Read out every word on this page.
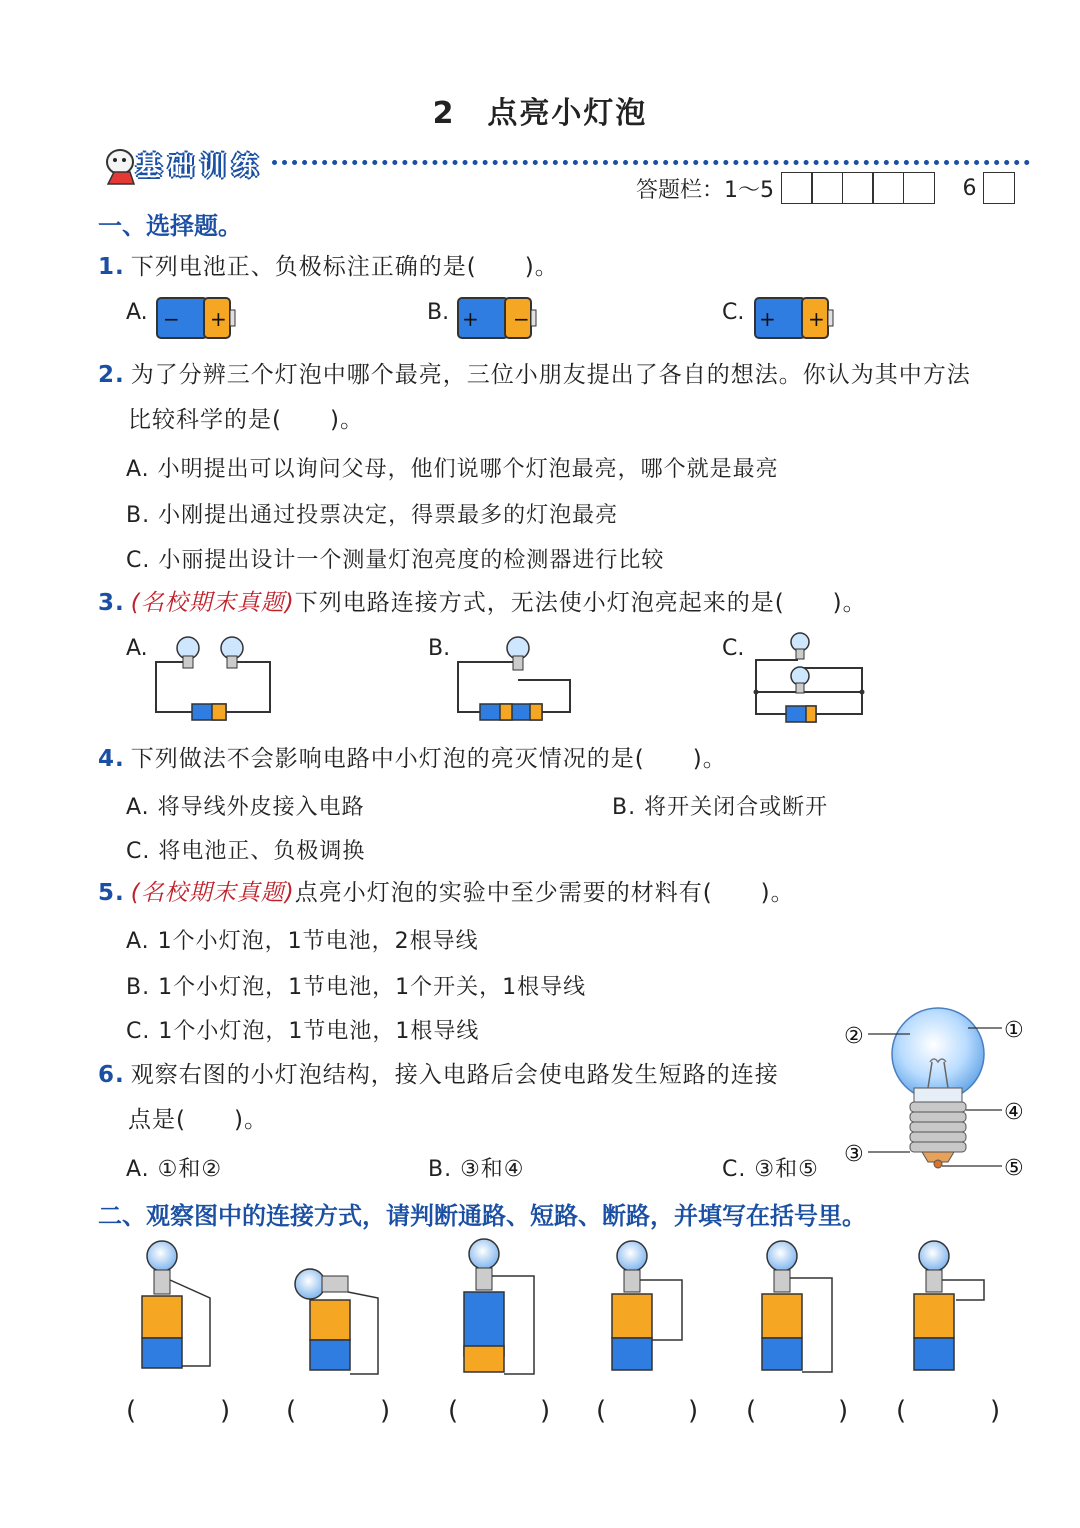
2　点亮小灯泡
基础训练
答题栏：1～5	6
一、选择题。
1. 下列电池正、负极标注正确的是(　　)。
A. − +	B. + −	C. + +
2. 为了分辨三个灯泡中哪个最亮，三位小朋友提出了各自的想法。你认为其中方法
比较科学的是(　　)。
A. 小明提出可以询问父母，他们说哪个灯泡最亮，哪个就是最亮
B. 小刚提出通过投票决定，得票最多的灯泡最亮
C. 小丽提出设计一个测量灯泡亮度的检测器进行比较
3. (名校期末真题)下列电路连接方式，无法使小灯泡亮起来的是(　　)。
A.	B.	C.
4. 下列做法不会影响电路中小灯泡的亮灭情况的是(　　)。
A. 将导线外皮接入电路	B. 将开关闭合或断开
C. 将电池正、负极调换
5. (名校期末真题)点亮小灯泡的实验中至少需要的材料有(　　)。
A. 1个小灯泡，1节电池，2根导线
B. 1个小灯泡，1节电池，1个开关，1根导线
C. 1个小灯泡，1节电池，1根导线
6. 观察右图的小灯泡结构，接入电路后会使电路发生短路的连接
点是(　　)。
A. ①和②	B. ③和④	C. ③和⑤
①
②
③
④
⑤
二、观察图中的连接方式，请判断通路、短路、断路，并填写在括号里。
(	) (	) (	) (	) (	) (	)
